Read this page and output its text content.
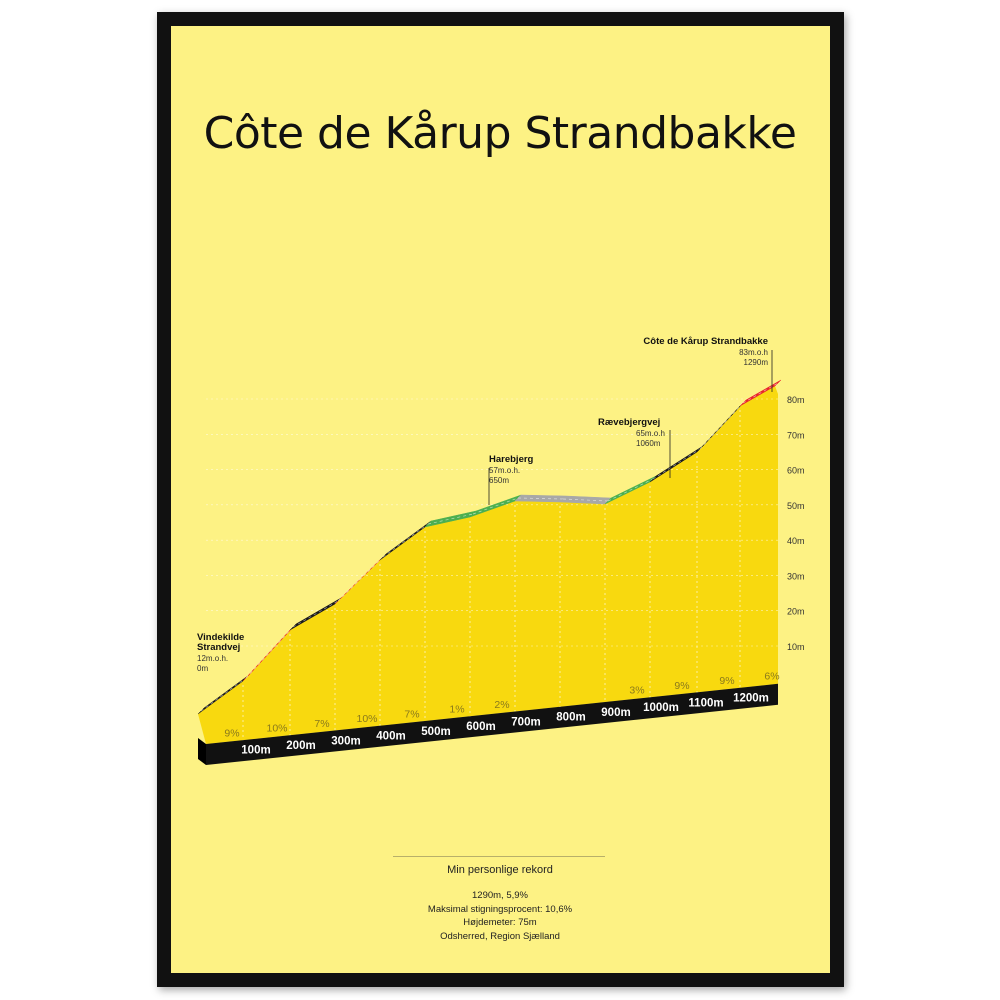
Côte de Kårup Strandbakke
10m
20m
30m
40m
50m
60m
70m
80m
100m 200m 300m 400m 500m 600m 700m 800m 900m 1000m 1100m 1200m
9%	10%	7%	10%	7%	1%	2%
3%	9%	9%	6%
Vindekilde
Strandvej
12m.o.h.
0m
Harebjerg
57m.o.h.
650m
Rævebjergvej
65m.o.h
1060m
Côte de Kårup Strandbakke
83m.o.h
1290m
Min personlige rekord
1290m, 5,9%
Maksimal stigningsprocent: 10,6%
Højdemeter: 75m
Odsherred, Region Sjælland
